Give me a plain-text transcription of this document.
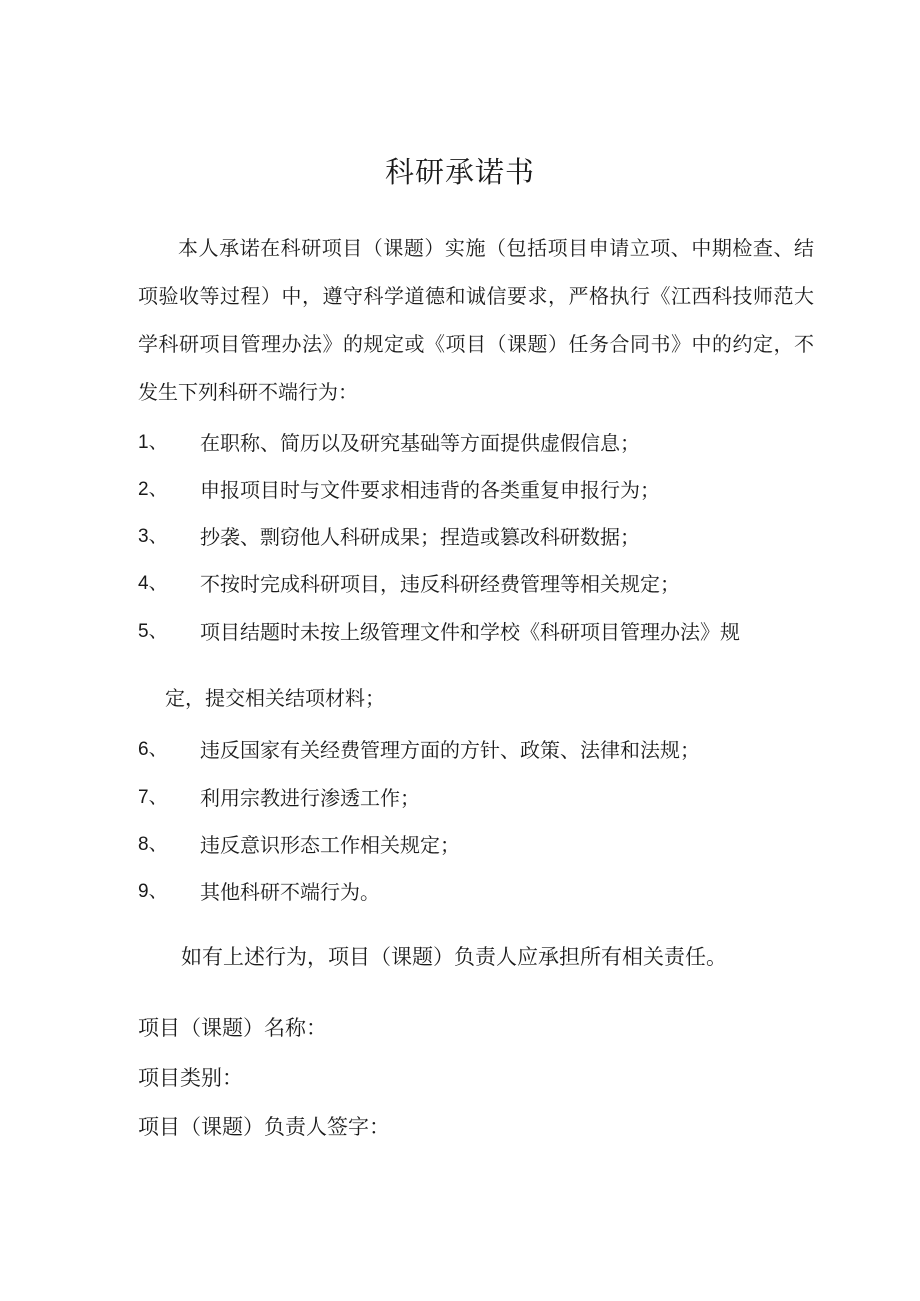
科研承诺书

本人承诺在科研项目（课题）实施（包括项目申请立项、中期检查、结项验收等过程）中，遵守科学道德和诚信要求，严格执行《江西科技师范大学科研项目管理办法》的规定或《项目（课题）任务合同书》中的约定，不发生下列科研不端行为：

1、	在职称、简历以及研究基础等方面提供虚假信息；
2、	申报项目时与文件要求相违背的各类重复申报行为；
3、	抄袭、剽窃他人科研成果；捏造或篡改科研数据；
4、	不按时完成科研项目，违反科研经费管理等相关规定；
5、	项目结题时未按上级管理文件和学校《科研项目管理办法》规
定，提交相关结项材料；
6、	违反国家有关经费管理方面的方针、政策、法律和法规；
7、	利用宗教进行渗透工作；
8、	违反意识形态工作相关规定；
9、	其他科研不端行为。
如有上述行为，项目（课题）负责人应承担所有相关责任。
项目（课题）名称：
项目类别：
项目（课题）负责人签字：
